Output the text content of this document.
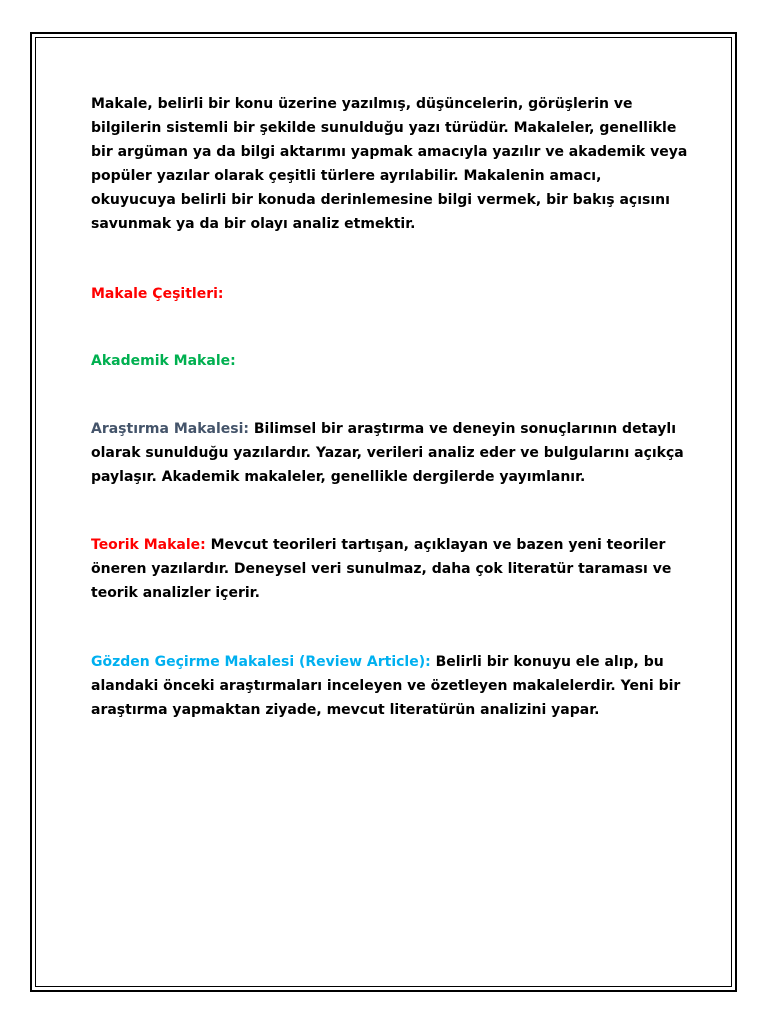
Makale, belirli bir konu üzerine yazılmış, düşüncelerin, görüşlerin ve bilgilerin sistemli bir şekilde sunulduğu yazı türüdür. Makaleler, genellikle bir argüman ya da bilgi aktarımı yapmak amacıyla yazılır ve akademik veya popüler yazılar olarak çeşitli türlere ayrılabilir. Makalenin amacı, okuyucuya belirli bir konuda derinlemesine bilgi vermek, bir bakış açısını savunmak ya da bir olayı analiz etmektir.

Makale Çeşitleri:

Akademik Makale:

Araştırma Makalesi: Bilimsel bir araştırma ve deneyin sonuçlarının detaylı olarak sunulduğu yazılardır. Yazar, verileri analiz eder ve bulgularını açıkça paylaşır. Akademik makaleler, genellikle dergilerde yayımlanır.

Teorik Makale: Mevcut teorileri tartışan, açıklayan ve bazen yeni teoriler öneren yazılardır. Deneysel veri sunulmaz, daha çok literatür taraması ve teorik analizler içerir.

Gözden Geçirme Makalesi (Review Article): Belirli bir konuyu ele alıp, bu alandaki önceki araştırmaları inceleyen ve özetleyen makalelerdir. Yeni bir araştırma yapmaktan ziyade, mevcut literatürün analizini yapar.
